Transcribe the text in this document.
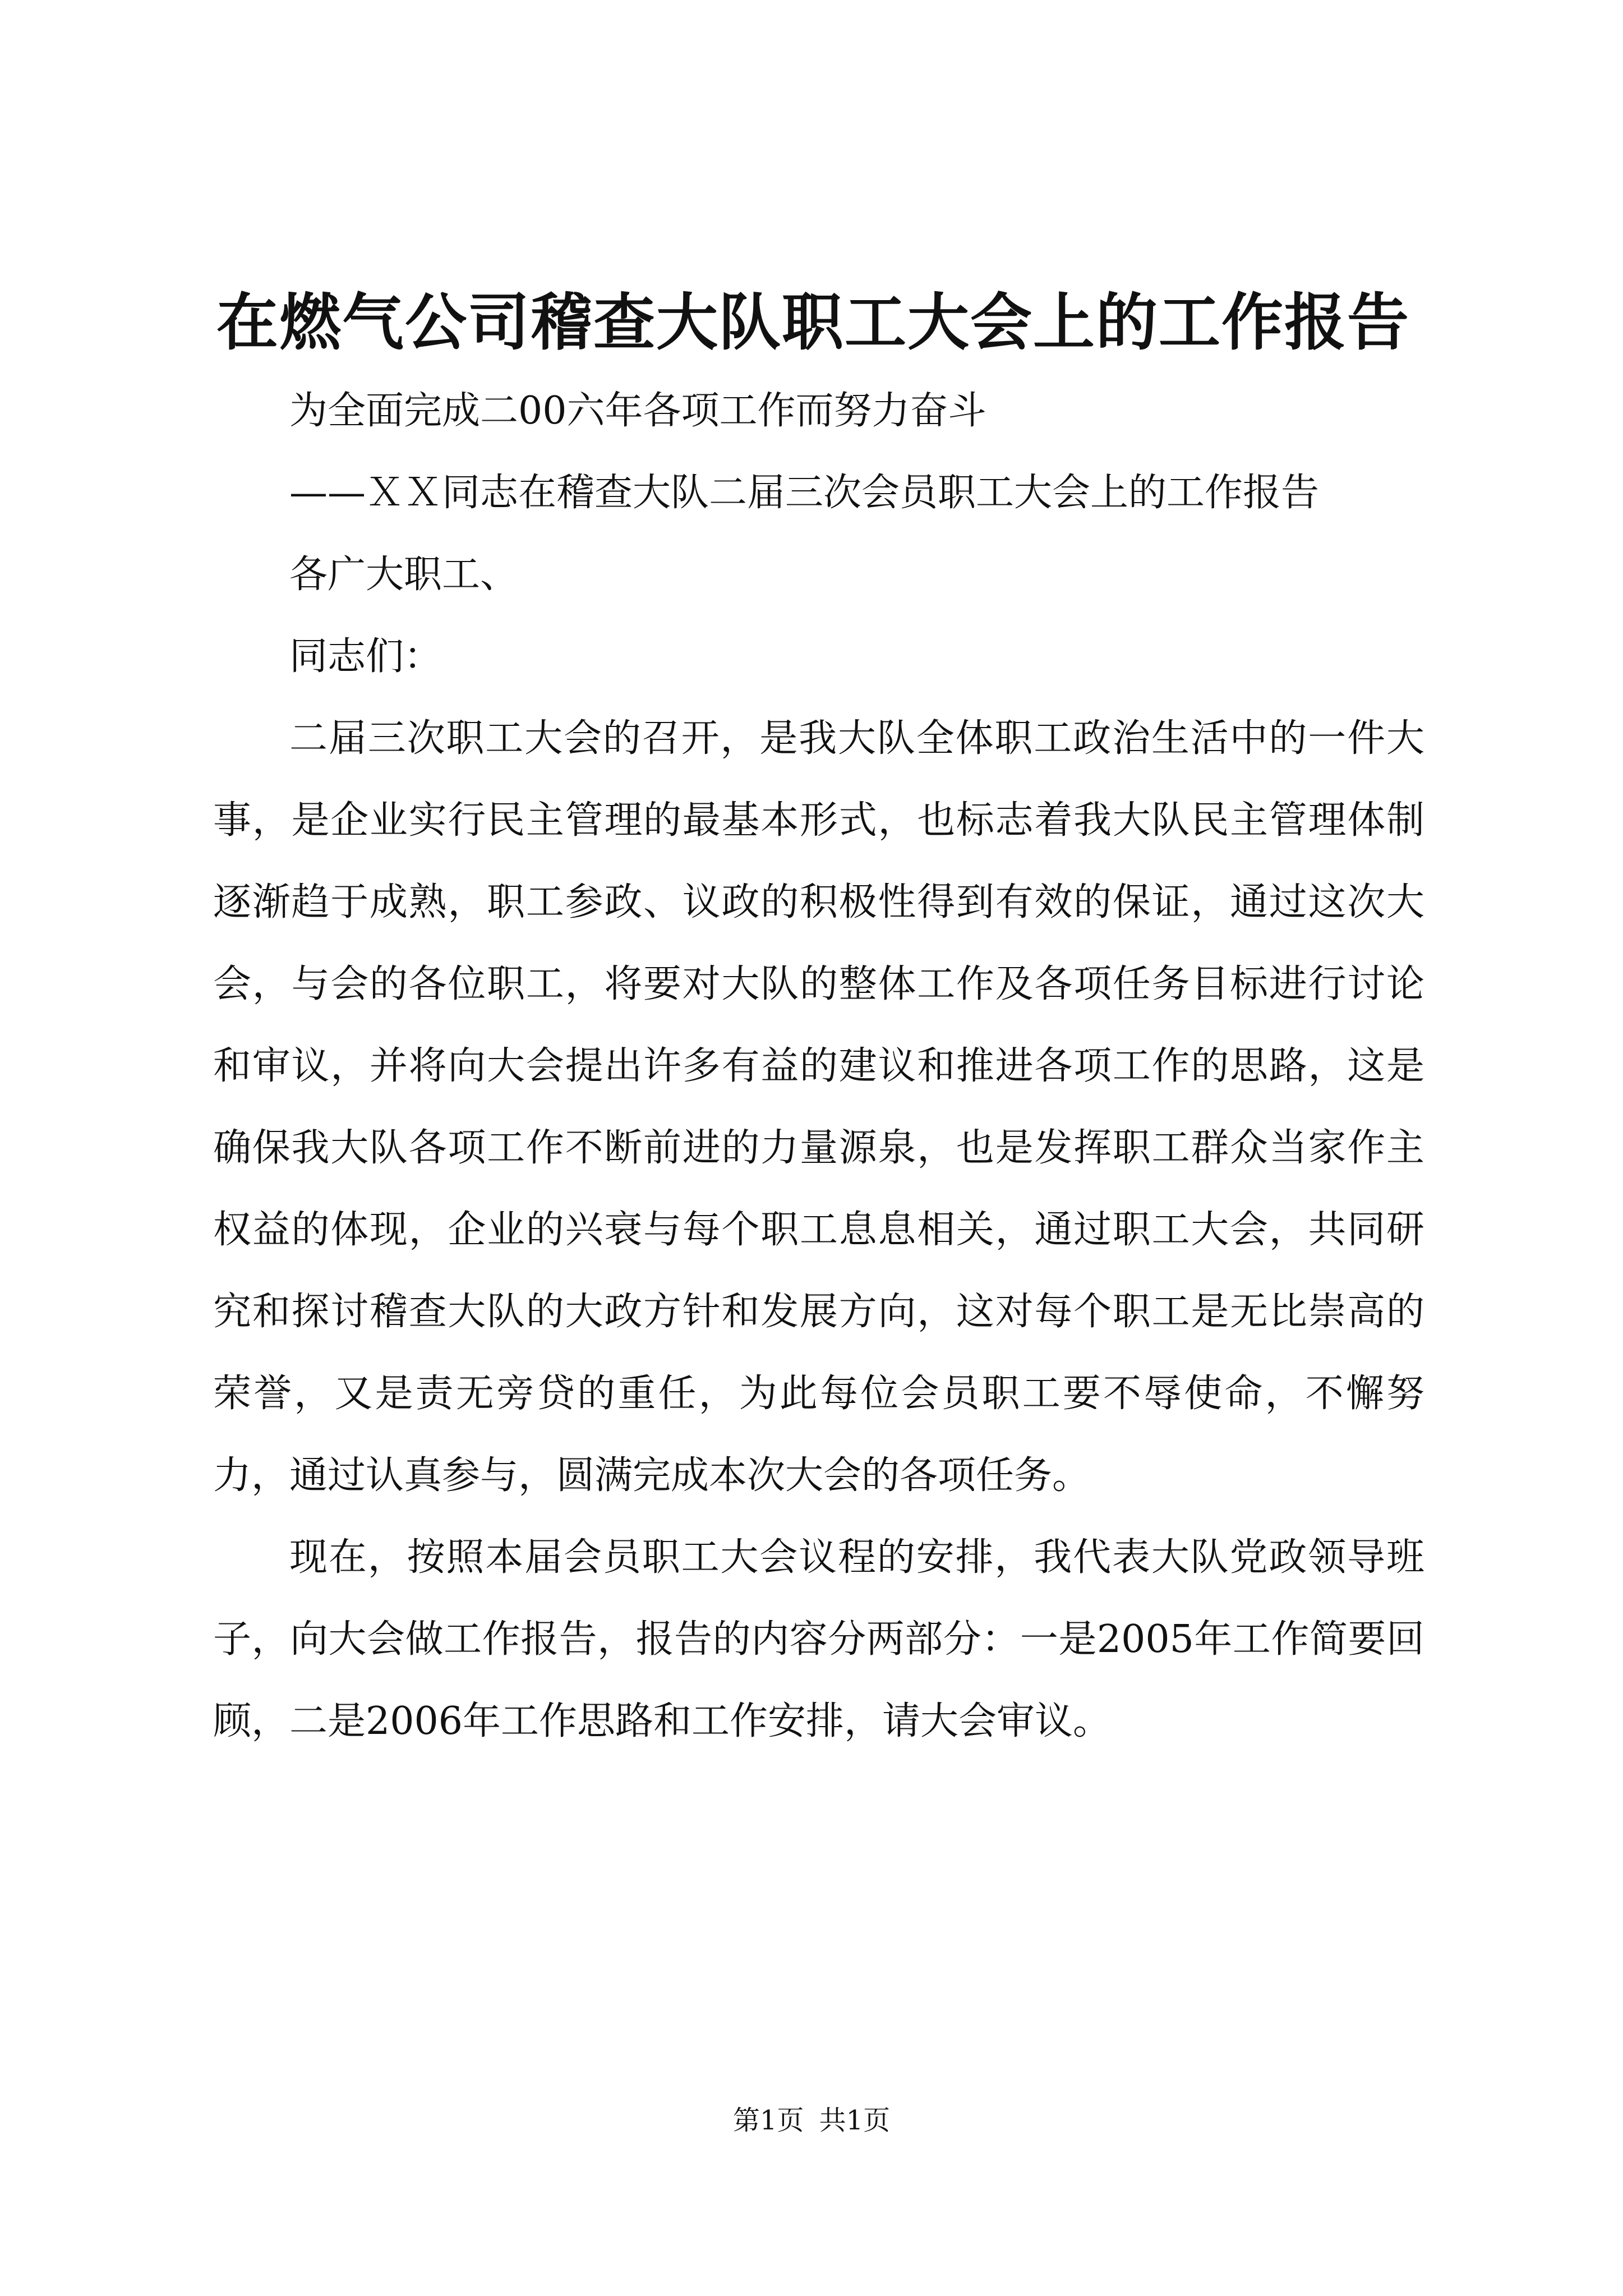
在燃气公司稽查大队职工大会上的工作报告

为全面完成二00六年各项工作而努力奋斗

——ＸＸ同志在稽查大队二届三次会员职工大会上的工作报告

各广大职工、

同志们：

二届三次职工大会的召开，是我大队全体职工政治生活中的一件大事，是企业实行民主管理的最基本形式，也标志着我大队民主管理体制逐渐趋于成熟，职工参政、议政的积极性得到有效的保证，通过这次大会，与会的各位职工，将要对大队的整体工作及各项任务目标进行讨论和审议，并将向大会提出许多有益的建议和推进各项工作的思路，这是确保我大队各项工作不断前进的力量源泉，也是发挥职工群众当家作主权益的体现，企业的兴衰与每个职工息息相关，通过职工大会，共同研究和探讨稽查大队的大政方针和发展方向，这对每个职工是无比崇高的荣誉，又是责无旁贷的重任，为此每位会员职工要不辱使命，不懈努力，通过认真参与，圆满完成本次大会的各项任务。

现在，按照本届会员职工大会议程的安排，我代表大队党政领导班子，向大会做工作报告，报告的内容分两部分：一是2005年工作简要回顾，二是2006年工作思路和工作安排，请大会审议。

第1页 共1页
